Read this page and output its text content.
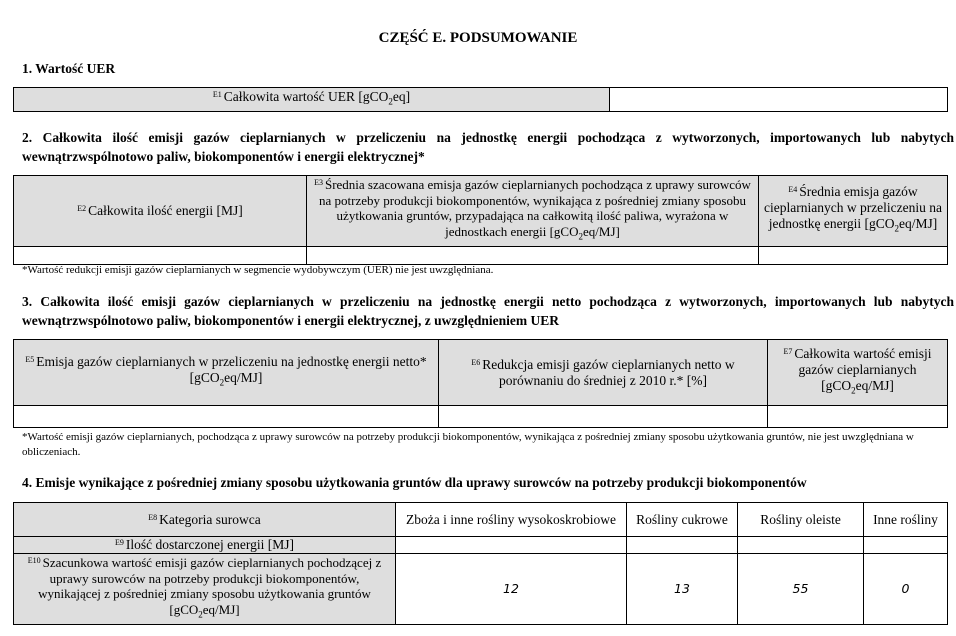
CZĘŚĆ E. PODSUMOWANIE
1. Wartość UER
$^{E1}$ Całkowita wartość UER [gCO$_2$eq]	
2. Całkowita ilość emisji gazów cieplarnianych w przeliczeniu na jednostkę energii pochodząca z wytworzonych, importowanych lub nabytych wewnątrzwspólnotowo paliw, biokomponentów i energii elektrycznej*
$^{E2}$ Całkowita ilość energii [MJ]	$^{E3}$ Średnia szacowana emisja gazów cieplarnianych pochodząca z uprawy surowców na potrzeby produkcji biokomponentów, wynikająca z pośredniej zmiany sposobu użytkowania gruntów, przypadająca na całkowitą ilość paliwa, wyrażona w jednostkach energii [gCO$_2$eq/MJ]	$^{E4}$ Średnia emisja gazów cieplarnianych w przeliczeniu na jednostkę energii [gCO$_2$eq/MJ]

*Wartość redukcji emisji gazów cieplarnianych w segmencie wydobywczym (UER) nie jest uwzględniana.
3. Całkowita ilość emisji gazów cieplarnianych w przeliczeniu na jednostkę energii netto pochodząca z wytworzonych, importowanych lub nabytych wewnątrzwspólnotowo paliw, biokomponentów i energii elektrycznej, z uwzględnieniem UER
$^{E5}$ Emisja gazów cieplarnianych w przeliczeniu na jednostkę energii netto* [gCO$_2$eq/MJ]	$^{E6}$ Redukcja emisji gazów cieplarnianych netto w porównaniu do średniej z 2010 r.* [%]	$^{E7}$ Całkowita wartość emisji gazów cieplarnianych [gCO$_2$eq/MJ]

*Wartość emisji gazów cieplarnianych, pochodząca z uprawy surowców na potrzeby produkcji biokomponentów, wynikająca z pośredniej zmiany sposobu użytkowania gruntów, nie jest uwzględniana w obliczeniach.
4. Emisje wynikające z pośredniej zmiany sposobu użytkowania gruntów dla uprawy surowców na potrzeby produkcji biokomponentów
$^{E8}$ Kategoria surowca	Zboża i inne rośliny wysokoskrobiowe	Rośliny cukrowe	Rośliny oleiste	Inne rośliny
$^{E9}$ Ilość dostarczonej energii [MJ]				
$^{E10}$ Szacunkowa wartość emisji gazów cieplarnianych pochodzącej z uprawy surowców na potrzeby produkcji biokomponentów, wynikającej z pośredniej zmiany sposobu użytkowania gruntów [gCO$_2$eq/MJ]	12	13	55	0
